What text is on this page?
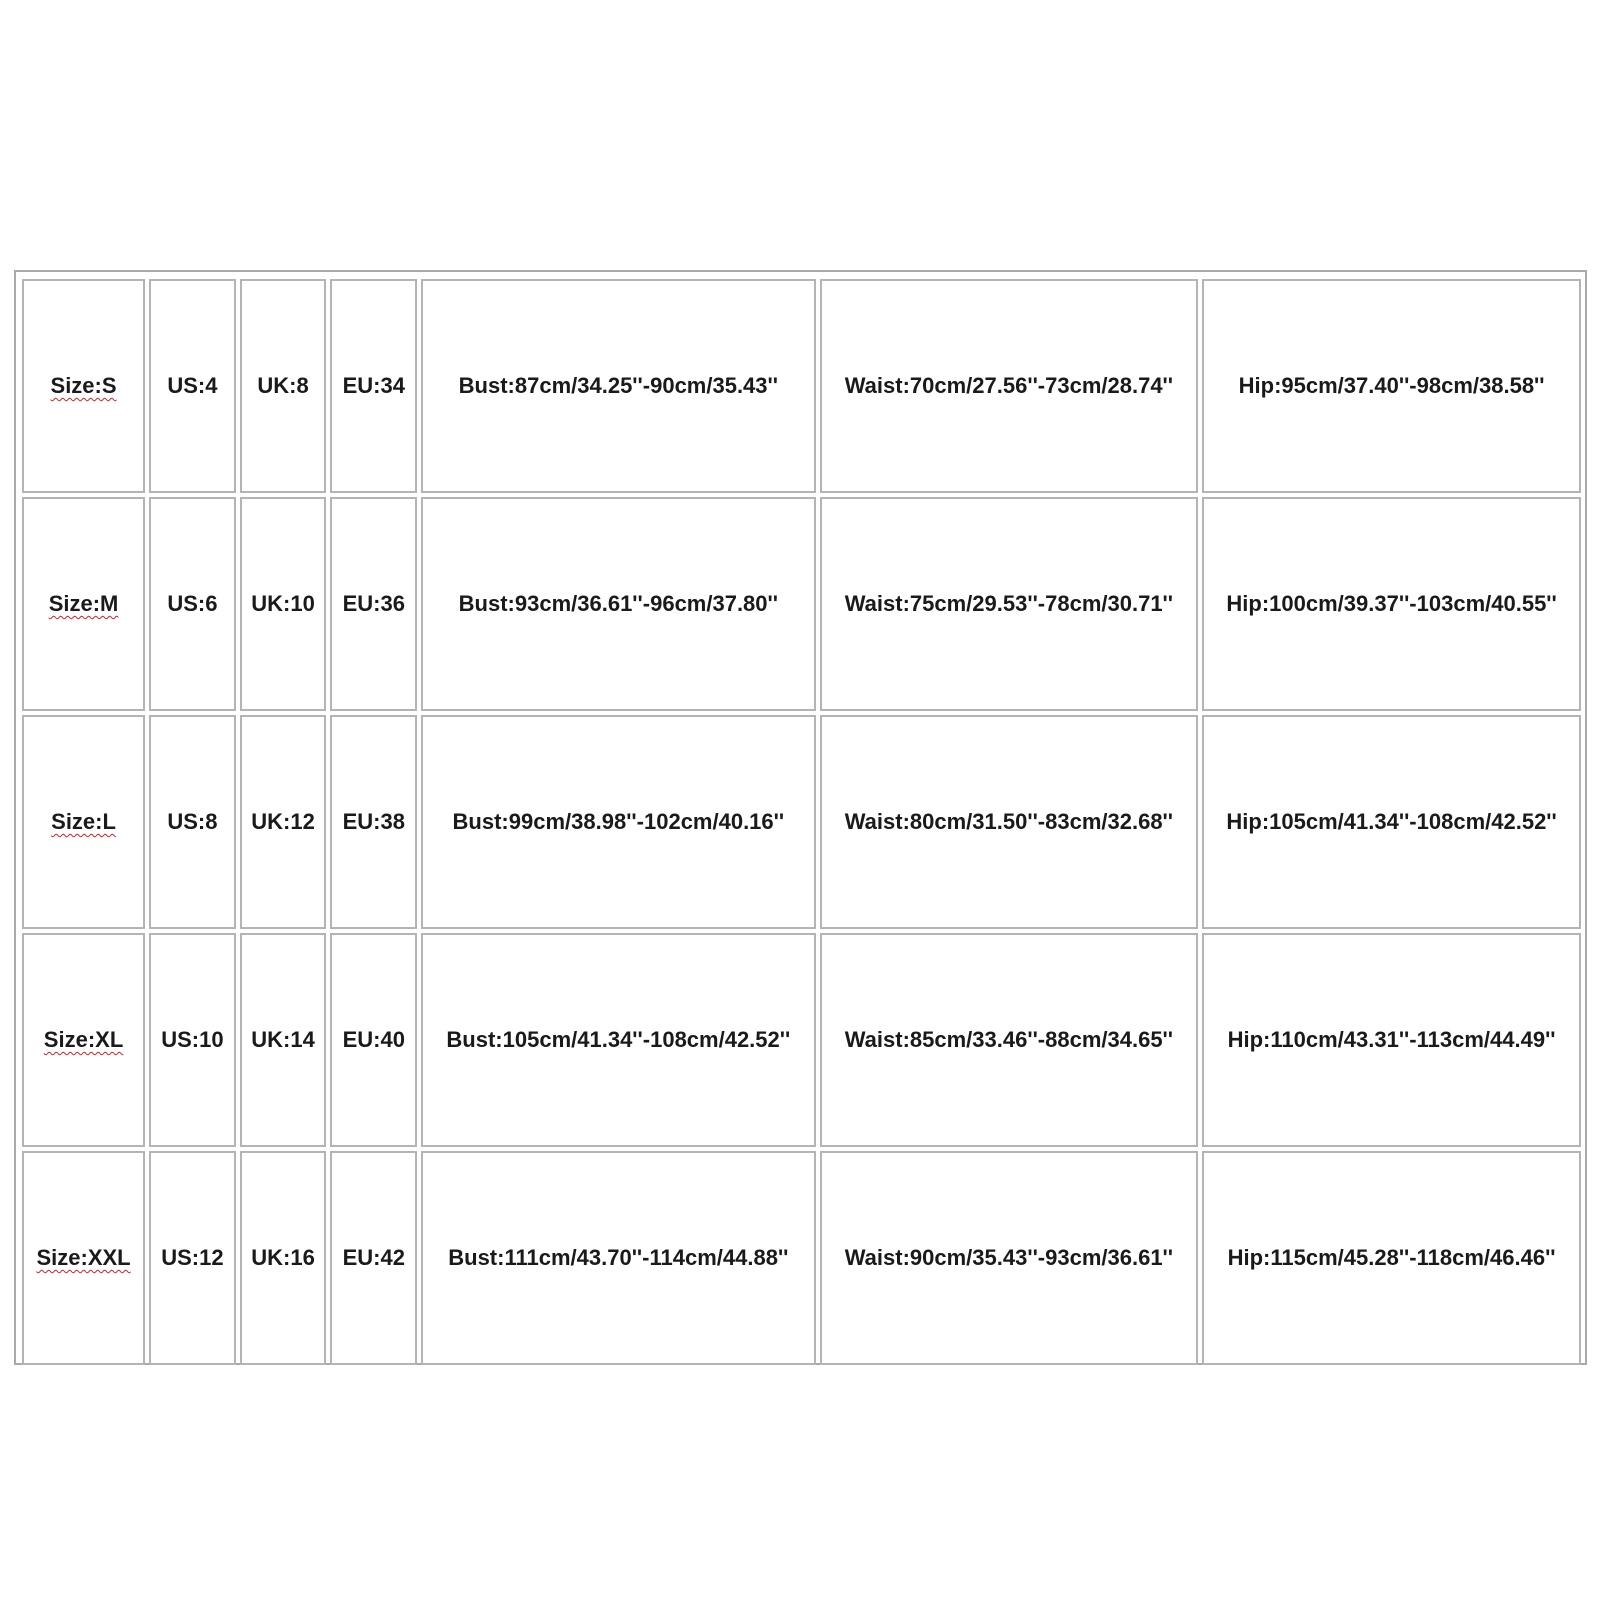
Size:S	US:4	UK:8	EU:34	Bust:87cm/34.25''-90cm/35.43''	Waist:70cm/27.56''-73cm/28.74''	Hip:95cm/37.40''-98cm/38.58''
Size:M	US:6	UK:10	EU:36	Bust:93cm/36.61''-96cm/37.80''	Waist:75cm/29.53''-78cm/30.71''	Hip:100cm/39.37''-103cm/40.55''
Size:L	US:8	UK:12	EU:38	Bust:99cm/38.98''-102cm/40.16''	Waist:80cm/31.50''-83cm/32.68''	Hip:105cm/41.34''-108cm/42.52''
Size:XL	US:10	UK:14	EU:40	Bust:105cm/41.34''-108cm/42.52''	Waist:85cm/33.46''-88cm/34.65''	Hip:110cm/43.31''-113cm/44.49''
Size:XXL	US:12	UK:16	EU:42	Bust:111cm/43.70''-114cm/44.88''	Waist:90cm/35.43''-93cm/36.61''	Hip:115cm/45.28''-118cm/46.46''
